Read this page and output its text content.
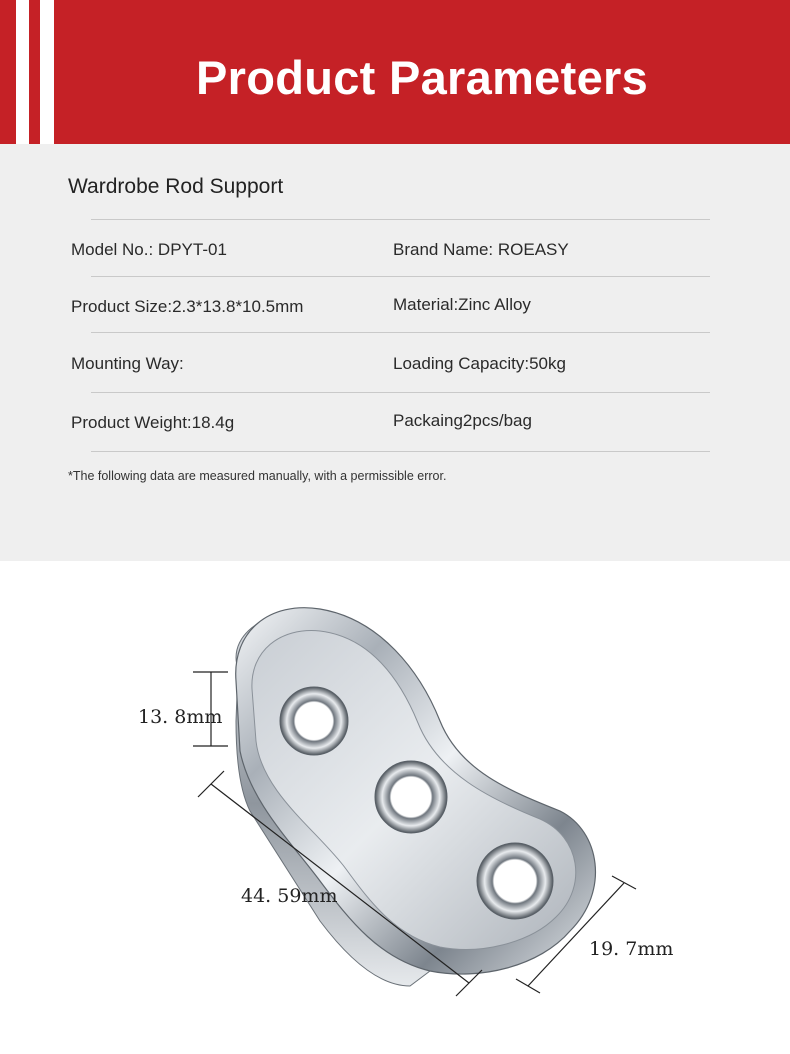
Product Parameters
Wardrobe Rod Support
Model No.: DPYT-01	Brand Name: ROEASY
Product Size:2.3*13.8*10.5mm	Material:Zinc Alloy
Mounting Way:	Loading Capacity:50kg
Product Weight:18.4g	Packaing2pcs/bag
*The following data are measured manually, with a permissible error.
13. 8mm
44. 59mm
19. 7mm
